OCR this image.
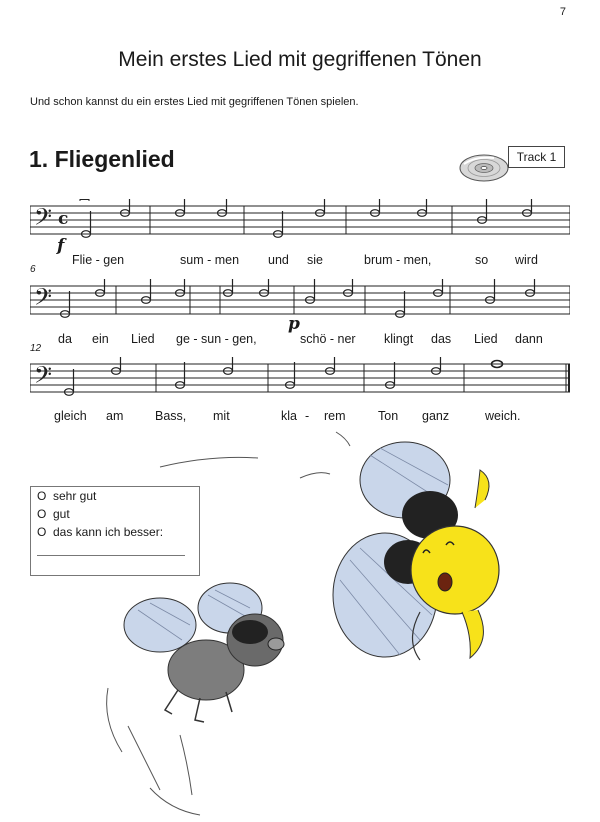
7
Mein erstes Lied mit gegriffenen Tönen
Und schon kannst du ein erstes Lied mit gegriffenen Tönen spielen.
1. Fliegenlied	Track 1
𝄢 c
f
Flie - gen	sum - men und sie	brum - men,	so wird
6
𝄢
p
da ein Lied ge - sun - gen,	schö - ner klingt das Lied dann
12
𝄢
gleich am	Bass, mit	kla - rem	Ton ganz	weich.
O sehr gut
O gut
O das kann ich besser:
